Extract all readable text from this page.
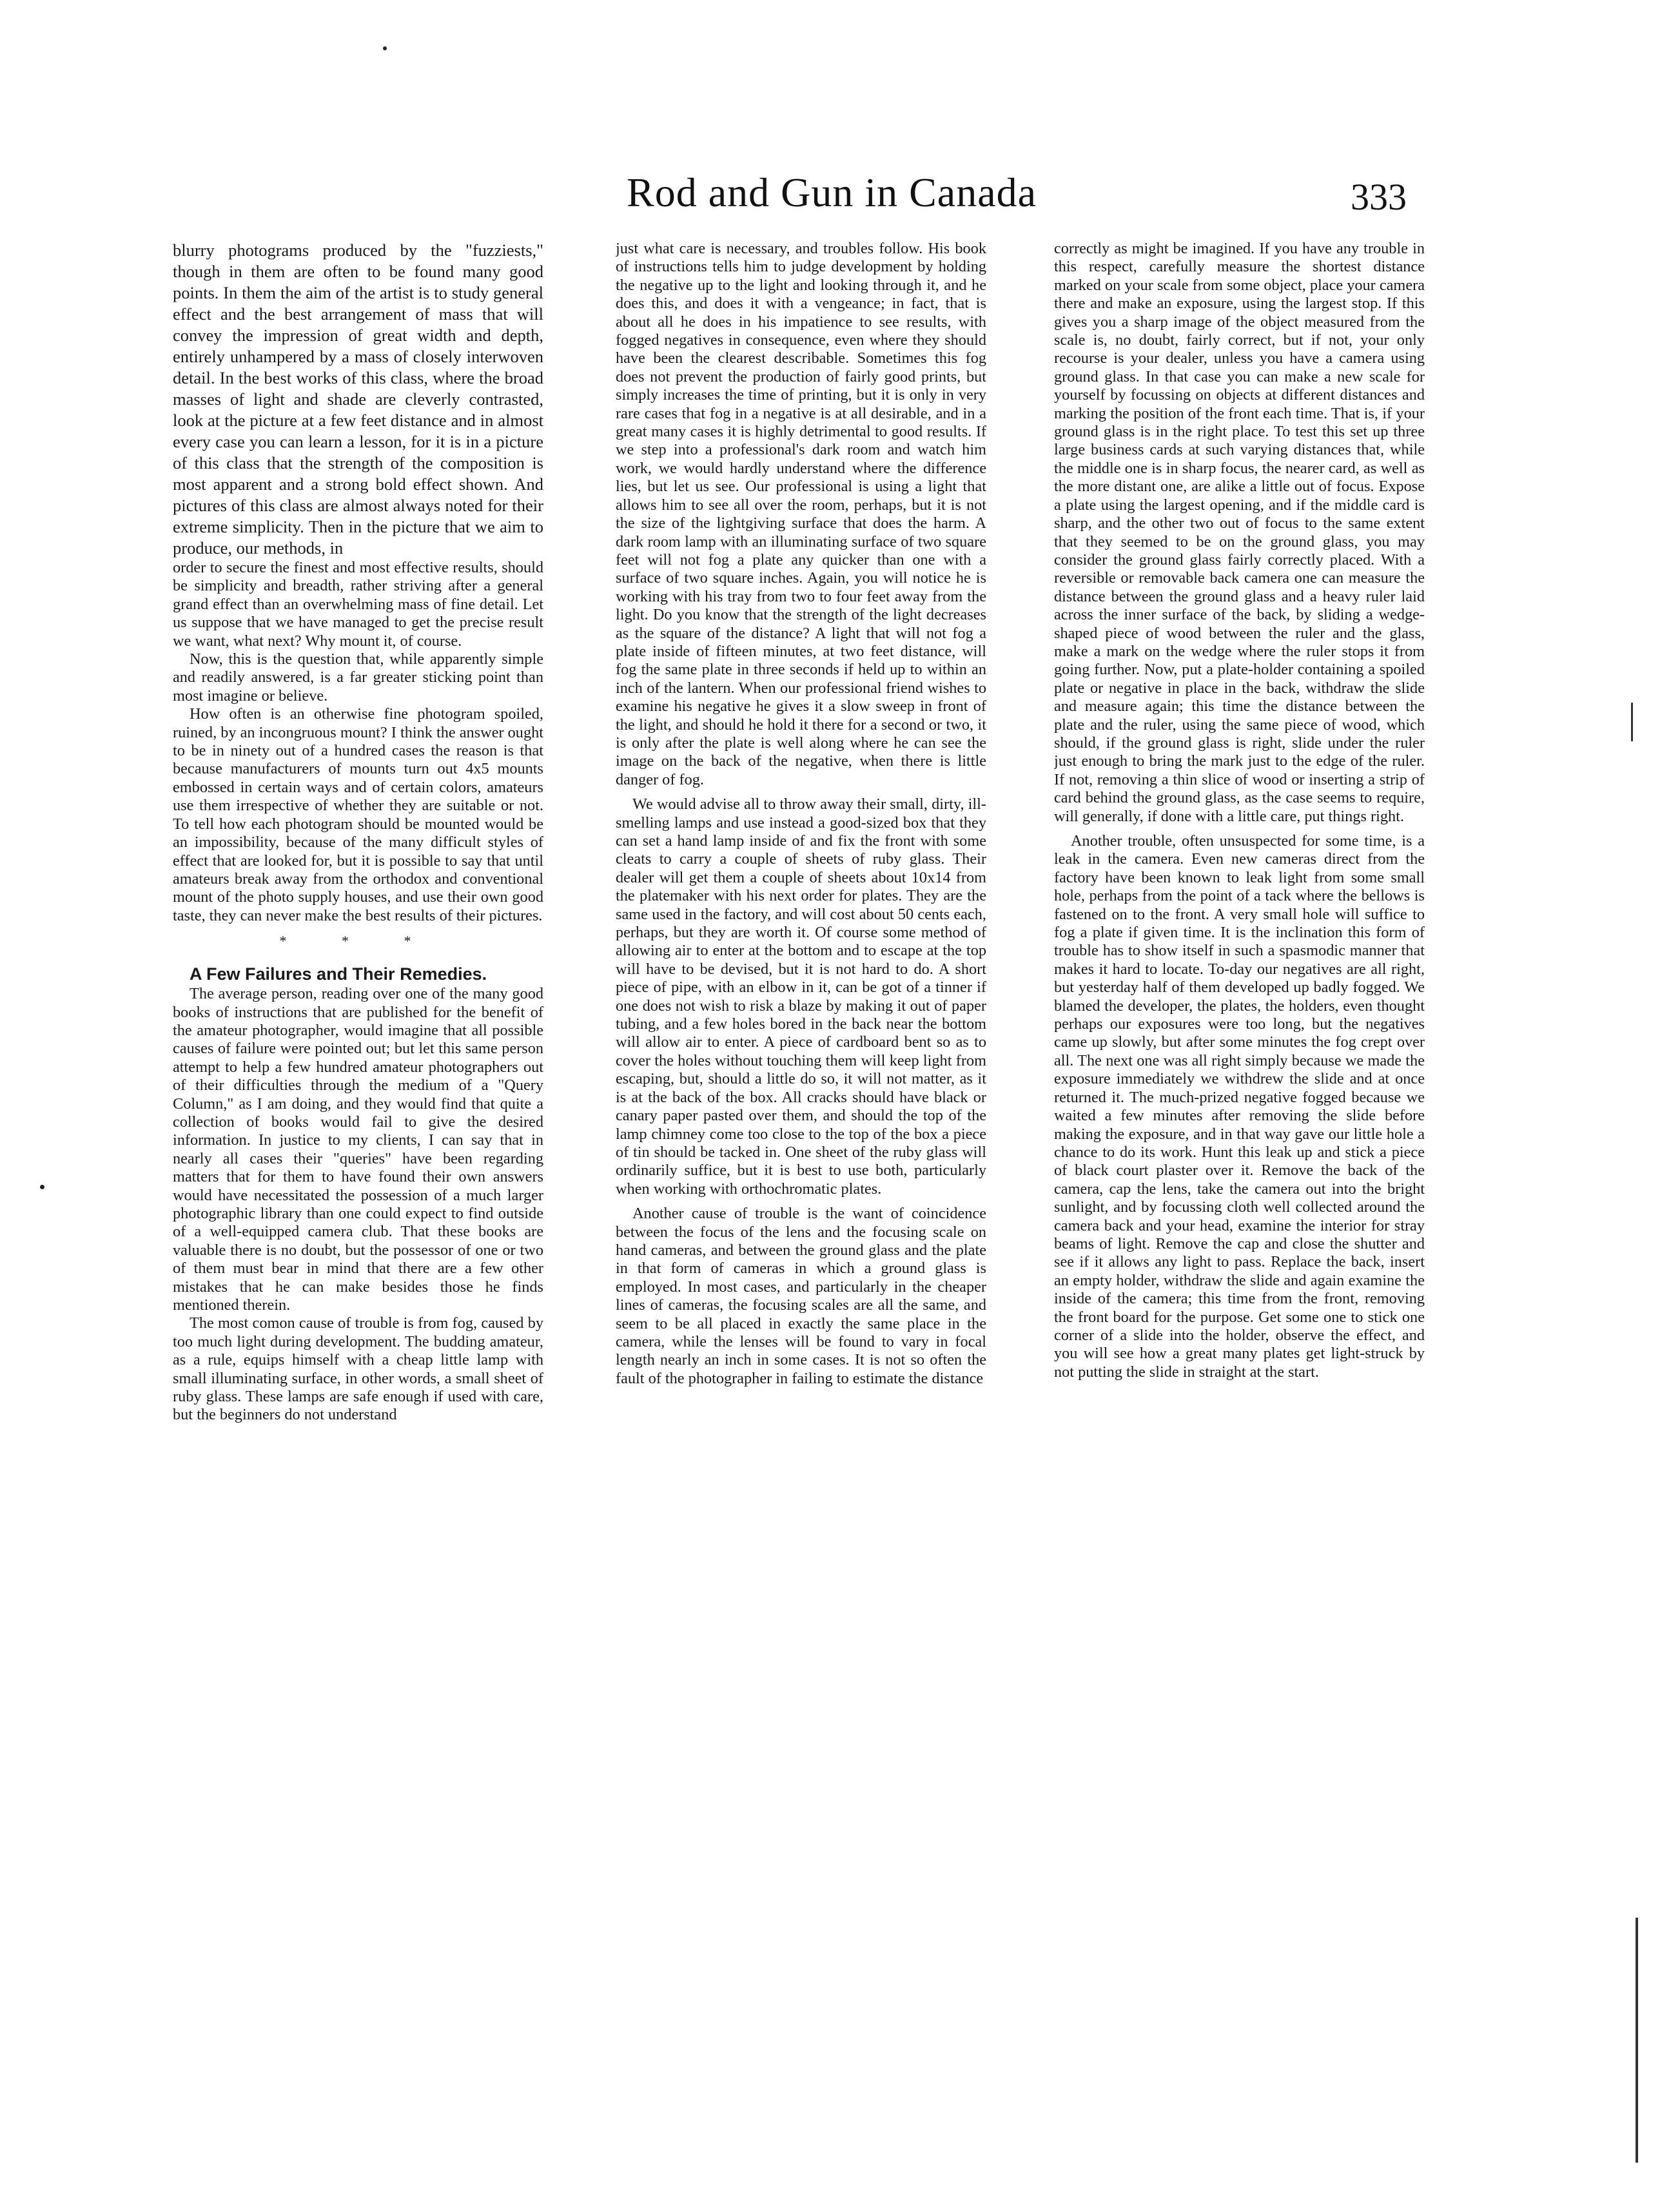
Rod and Gun in Canada	333

blurry photograms produced by the "fuzziests," though in them are often to be found many good points. In them the aim of the artist is to study general effect and the best arrangement of mass that will convey the impression of great width and depth, entirely unhampered by a mass of closely interwoven detail. In the best works of this class, where the broad masses of light and shade are cleverly contrasted, look at the picture at a few feet distance and in almost every case you can learn a lesson, for it is in a picture of this class that the strength of the composition is most apparent and a strong bold effect shown. And pictures of this class are almost always noted for their extreme simplicity. Then in the picture that we aim to produce, our methods, in

order to secure the finest and most effective results, should be simplicity and breadth, rather striving after a general grand effect than an overwhelming mass of fine detail. Let us suppose that we have managed to get the precise result we want, what next? Why mount it, of course.

Now, this is the question that, while apparently simple and readily answered, is a far greater sticking point than most imagine or believe.

How often is an otherwise fine photogram spoiled, ruined, by an incongruous mount? I think the answer ought to be in ninety out of a hundred cases the reason is that because manufacturers of mounts turn out 4x5 mounts embossed in certain ways and of certain colors, amateurs use them irrespective of whether they are suitable or not. To tell how each photogram should be mounted would be an impossibility, because of the many difficult styles of effect that are looked for, but it is possible to say that until amateurs break away from the orthodox and conventional mount of the photo supply houses, and use their own good taste, they can never make the best results of their pictures.

* * *

A Few Failures and Their Remedies.

The average person, reading over one of the many good books of instructions that are published for the benefit of the amateur photographer, would imagine that all possible causes of failure were pointed out; but let this same person attempt to help a few hundred amateur photographers out of their difficulties through the medium of a "Query Column," as I am doing, and they would find that quite a collection of books would fail to give the desired information. In justice to my clients, I can say that in nearly all cases their "queries" have been regarding matters that for them to have found their own answers would have necessitated the possession of a much larger photographic library than one could expect to find outside of a well-equipped camera club. That these books are valuable there is no doubt, but the possessor of one or two of them must bear in mind that there are a few other mistakes that he can make besides those he finds mentioned therein.

The most comon cause of trouble is from fog, caused by too much light during development. The budding amateur, as a rule, equips himself with a cheap little lamp with small illuminating surface, in other words, a small sheet of ruby glass. These lamps are safe enough if used with care, but the beginners do not understand

just what care is necessary, and troubles follow. His book of instructions tells him to judge development by holding the negative up to the light and looking through it, and he does this, and does it with a vengeance; in fact, that is about all he does in his impatience to see results, with fogged negatives in consequence, even where they should have been the clearest describable. Sometimes this fog does not prevent the production of fairly good prints, but simply increases the time of printing, but it is only in very rare cases that fog in a negative is at all desirable, and in a great many cases it is highly detrimental to good results. If we step into a professional's dark room and watch him work, we would hardly understand where the difference lies, but let us see. Our professional is using a light that allows him to see all over the room, perhaps, but it is not the size of the lightgiving surface that does the harm. A dark room lamp with an illuminating surface of two square feet will not fog a plate any quicker than one with a surface of two square inches. Again, you will notice he is working with his tray from two to four feet away from the light. Do you know that the strength of the light decreases as the square of the distance? A light that will not fog a plate inside of fifteen minutes, at two feet distance, will fog the same plate in three seconds if held up to within an inch of the lantern. When our professional friend wishes to examine his negative he gives it a slow sweep in front of the light, and should he hold it there for a second or two, it is only after the plate is well along where he can see the image on the back of the negative, when there is little danger of fog.

We would advise all to throw away their small, dirty, ill-smelling lamps and use instead a good-sized box that they can set a hand lamp inside of and fix the front with some cleats to carry a couple of sheets of ruby glass. Their dealer will get them a couple of sheets about 10x14 from the platemaker with his next order for plates. They are the same used in the factory, and will cost about 50 cents each, perhaps, but they are worth it. Of course some method of allowing air to enter at the bottom and to escape at the top will have to be devised, but it is not hard to do. A short piece of pipe, with an elbow in it, can be got of a tinner if one does not wish to risk a blaze by making it out of paper tubing, and a few holes bored in the back near the bottom will allow air to enter. A piece of cardboard bent so as to cover the holes without touching them will keep light from escaping, but, should a little do so, it will not matter, as it is at the back of the box. All cracks should have black or canary paper pasted over them, and should the top of the lamp chimney come too close to the top of the box a piece of tin should be tacked in. One sheet of the ruby glass will ordinarily suffice, but it is best to use both, particularly when working with orthochromatic plates.

Another cause of trouble is the want of coincidence between the focus of the lens and the focusing scale on hand cameras, and between the ground glass and the plate in that form of cameras in which a ground glass is employed. In most cases, and particularly in the cheaper lines of cameras, the focusing scales are all the same, and seem to be all placed in exactly the same place in the camera, while the lenses will be found to vary in focal length nearly an inch in some cases. It is not so often the fault of the photographer in failing to estimate the distance

correctly as might be imagined. If you have any trouble in this respect, carefully measure the shortest distance marked on your scale from some object, place your camera there and make an exposure, using the largest stop. If this gives you a sharp image of the object measured from the scale is, no doubt, fairly correct, but if not, your only recourse is your dealer, unless you have a camera using ground glass. In that case you can make a new scale for yourself by focussing on objects at different distances and marking the position of the front each time. That is, if your ground glass is in the right place. To test this set up three large business cards at such varying distances that, while the middle one is in sharp focus, the nearer card, as well as the more distant one, are alike a little out of focus. Expose a plate using the largest opening, and if the middle card is sharp, and the other two out of focus to the same extent that they seemed to be on the ground glass, you may consider the ground glass fairly correctly placed. With a reversible or removable back camera one can measure the distance between the ground glass and a heavy ruler laid across the inner surface of the back, by sliding a wedge-shaped piece of wood between the ruler and the glass, make a mark on the wedge where the ruler stops it from going further. Now, put a plate-holder containing a spoiled plate or negative in place in the back, withdraw the slide and measure again; this time the distance between the plate and the ruler, using the same piece of wood, which should, if the ground glass is right, slide under the ruler just enough to bring the mark just to the edge of the ruler. If not, removing a thin slice of wood or inserting a strip of card behind the ground glass, as the case seems to require, will generally, if done with a little care, put things right.

Another trouble, often unsuspected for some time, is a leak in the camera. Even new cameras direct from the factory have been known to leak light from some small hole, perhaps from the point of a tack where the bellows is fastened on to the front. A very small hole will suffice to fog a plate if given time. It is the inclination this form of trouble has to show itself in such a spasmodic manner that makes it hard to locate. To-day our negatives are all right, but yesterday half of them developed up badly fogged. We blamed the developer, the plates, the holders, even thought perhaps our exposures were too long, but the negatives came up slowly, but after some minutes the fog crept over all. The next one was all right simply because we made the exposure immediately we withdrew the slide and at once returned it. The much-prized negative fogged because we waited a few minutes after removing the slide before making the exposure, and in that way gave our little hole a chance to do its work. Hunt this leak up and stick a piece of black court plaster over it. Remove the back of the camera, cap the lens, take the camera out into the bright sunlight, and by focussing cloth well collected around the camera back and your head, examine the interior for stray beams of light. Remove the cap and close the shutter and see if it allows any light to pass. Replace the back, insert an empty holder, withdraw the slide and again examine the inside of the camera; this time from the front, removing the front board for the purpose. Get some one to stick one corner of a slide into the holder, observe the effect, and you will see how a great many plates get light-struck by not putting the slide in straight at the start.
